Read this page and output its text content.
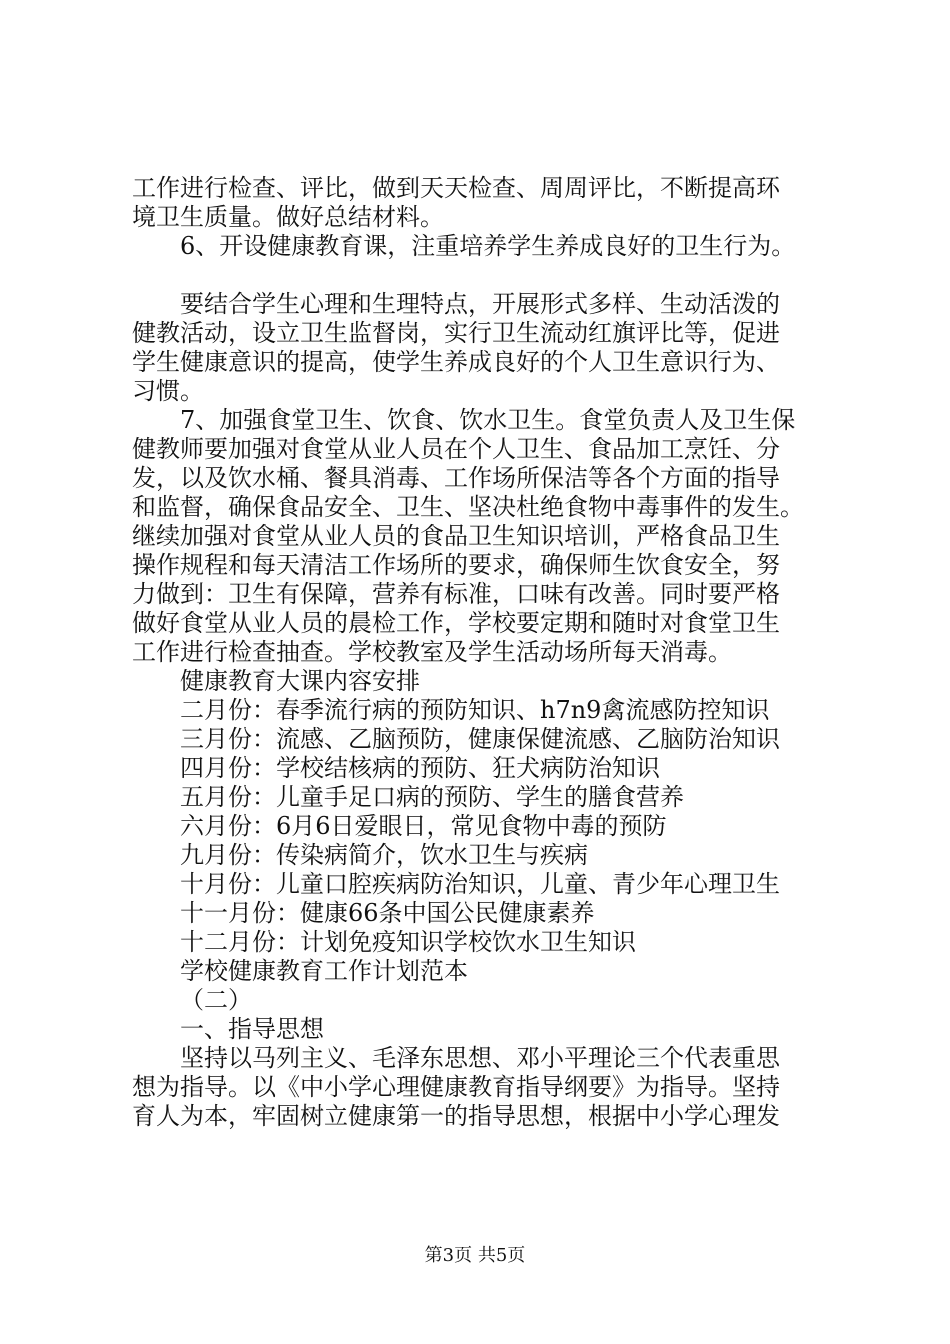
工作进行检查、评比，做到天天检查、周周评比，不断提高环
境卫生质量。做好总结材料。
6、开设健康教育课，注重培养学生养成良好的卫生行为。
要结合学生心理和生理特点，开展形式多样、生动活泼的
健教活动，设立卫生监督岗，实行卫生流动红旗评比等，促进
学生健康意识的提高，使学生养成良好的个人卫生意识行为、
习惯。
7、加强食堂卫生、饮食、饮水卫生。食堂负责人及卫生保
健教师要加强对食堂从业人员在个人卫生、食品加工烹饪、分
发，以及饮水桶、餐具消毒、工作场所保洁等各个方面的指导
和监督，确保食品安全、卫生、坚决杜绝食物中毒事件的发生。
继续加强对食堂从业人员的食品卫生知识培训，严格食品卫生
操作规程和每天清洁工作场所的要求，确保师生饮食安全，努
力做到：卫生有保障，营养有标准，口味有改善。同时要严格
做好食堂从业人员的晨检工作，学校要定期和随时对食堂卫生
工作进行检查抽查。学校教室及学生活动场所每天消毒。
健康教育大课内容安排
二月份：春季流行病的预防知识、h7n9禽流感防控知识
三月份：流感、乙脑预防，健康保健流感、乙脑防治知识
四月份：学校结核病的预防、狂犬病防治知识
五月份：儿童手足口病的预防、学生的膳食营养
六月份：6月6日爱眼日，常见食物中毒的预防
九月份：传染病简介，饮水卫生与疾病
十月份：儿童口腔疾病防治知识，儿童、青少年心理卫生
十一月份：健康66条中国公民健康素养
十二月份：计划免疫知识学校饮水卫生知识
学校健康教育工作计划范本
（二）
一、指导思想
坚持以马列主义、毛泽东思想、邓小平理论三个代表重思
想为指导。以《中小学心理健康教育指导纲要》为指导。坚持
育人为本，牢固树立健康第一的指导思想，根据中小学心理发
第3页 共5页
